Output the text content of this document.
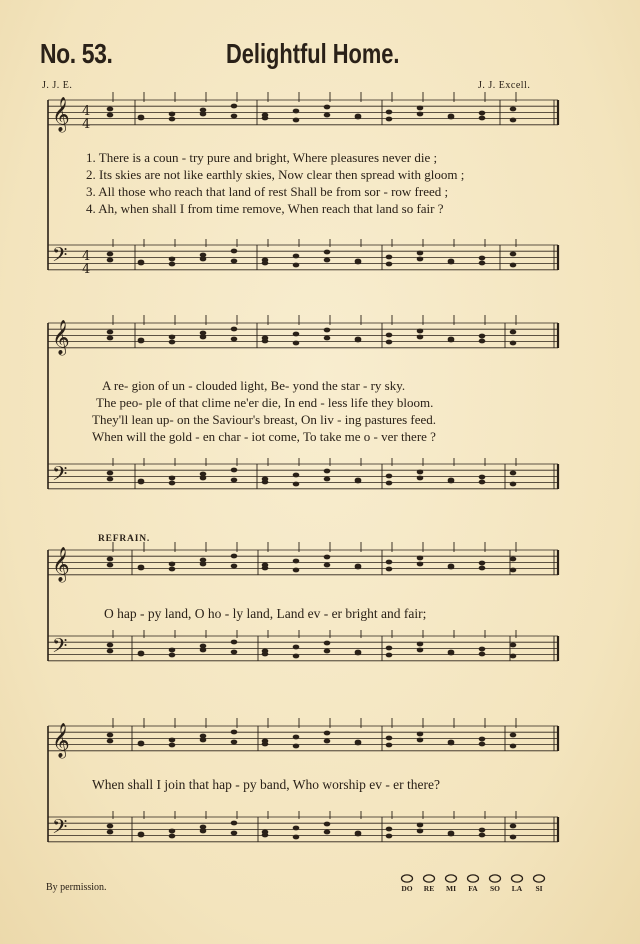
No. 53.	Delightful Home.
J. J. E.	J. J. Excell.
𝄞
𝄞
𝄞
𝄞
𝄢
𝄢
𝄢
𝄢
4
4
4
4
1. There is a coun - try pure and bright, Where pleasures never die ;
2. Its skies are not like earthly skies, Now clear then spread with gloom ;
3. All those who reach that land of rest Shall be from sor - row freed ;
4. Ah, when shall I from time remove, When reach that land so fair ?
A re- gion of un - clouded light, Be- yond the star - ry sky.
The peo- ple of that clime ne'er die, In end - less life they bloom.
They'll lean up- on the Saviour's breast, On liv - ing pastures feed.
When will the gold - en char - iot come, To take me o - ver there ?
REFRAIN.
O hap - py land, O ho - ly land, Land ev - er bright and fair;
When shall I join that hap - py band, Who worship ev - er there?
By permission.	DO	RE	MI	FA	SO	LA	SI
